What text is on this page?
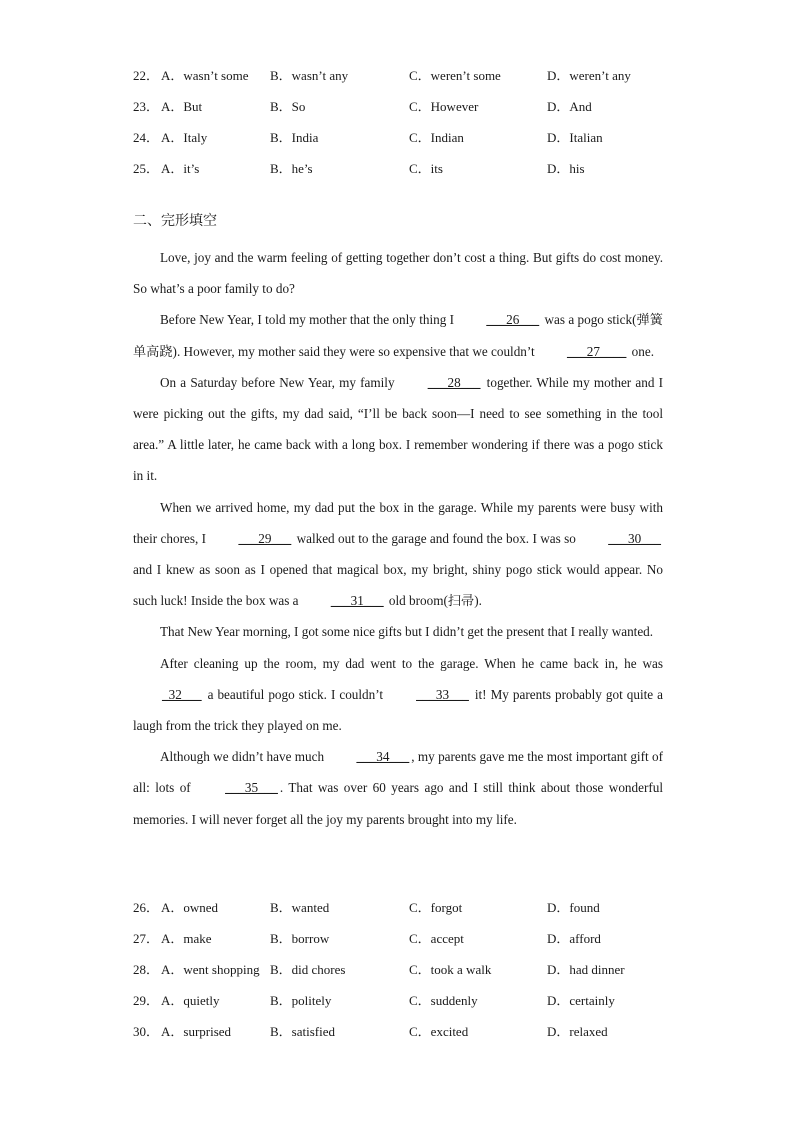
22． A．wasn’t some B．wasn’t any	C．weren’t some	D．weren’t any
23． A．But	B．So	C．However	D．And
24． A．Italy	B．India	C．Indian	D．Italian
25． A．it’s	B．he’s	C．its	D．his
二、完形填空

Love, joy and the warm feeling of getting together don’t cost a thing. But gifts do cost money. So what’s a poor family to do?

Before New Year, I told my mother that the only thing I ___26___ was a pogo stick(弹簧单高跷). However, my mother said they were so expensive that we couldn’t ___27____ one.

On a Saturday before New Year, my family ___28___ together. While my mother and I were picking out the gifts, my dad said, “I’ll be back soon—I need to see something in the tool area.” A little later, he came back with a long box. I remember wondering if there was a pogo stick in it.

When we arrived home, my dad put the box in the garage. While my parents were busy with their chores, I ___29___ walked out to the garage and found the box. I was so ___30___ and I knew as soon as I opened that magical box, my bright, shiny pogo stick would appear. No such luck! Inside the box was a ___31___ old broom(扫帚).

That New Year morning, I got some nice gifts but I didn’t get the present that I really wanted.

After cleaning up the room, my dad went to the garage. When he came back in, he was _32___ a beautiful pogo stick. I couldn’t ___33___ it! My parents probably got quite a laugh from the trick they played on me.

Although we didn’t have much ___34___ , my parents gave me the most important gift of all: lots of ___35___ . That was over 60 years ago and I still think about those wonderful memories. I will never forget all the joy my parents brought into my life.

26． A．owned	B．wanted	C．forgot	D．found
27． A．make	B．borrow	C．accept	D．afford
28． A．went shopping B．did chores	C．took a walk	D．had dinner
29． A．quietly	B．politely	C．suddenly	D．certainly
30． A．surprised	B．satisfied	C．excited	D．relaxed
